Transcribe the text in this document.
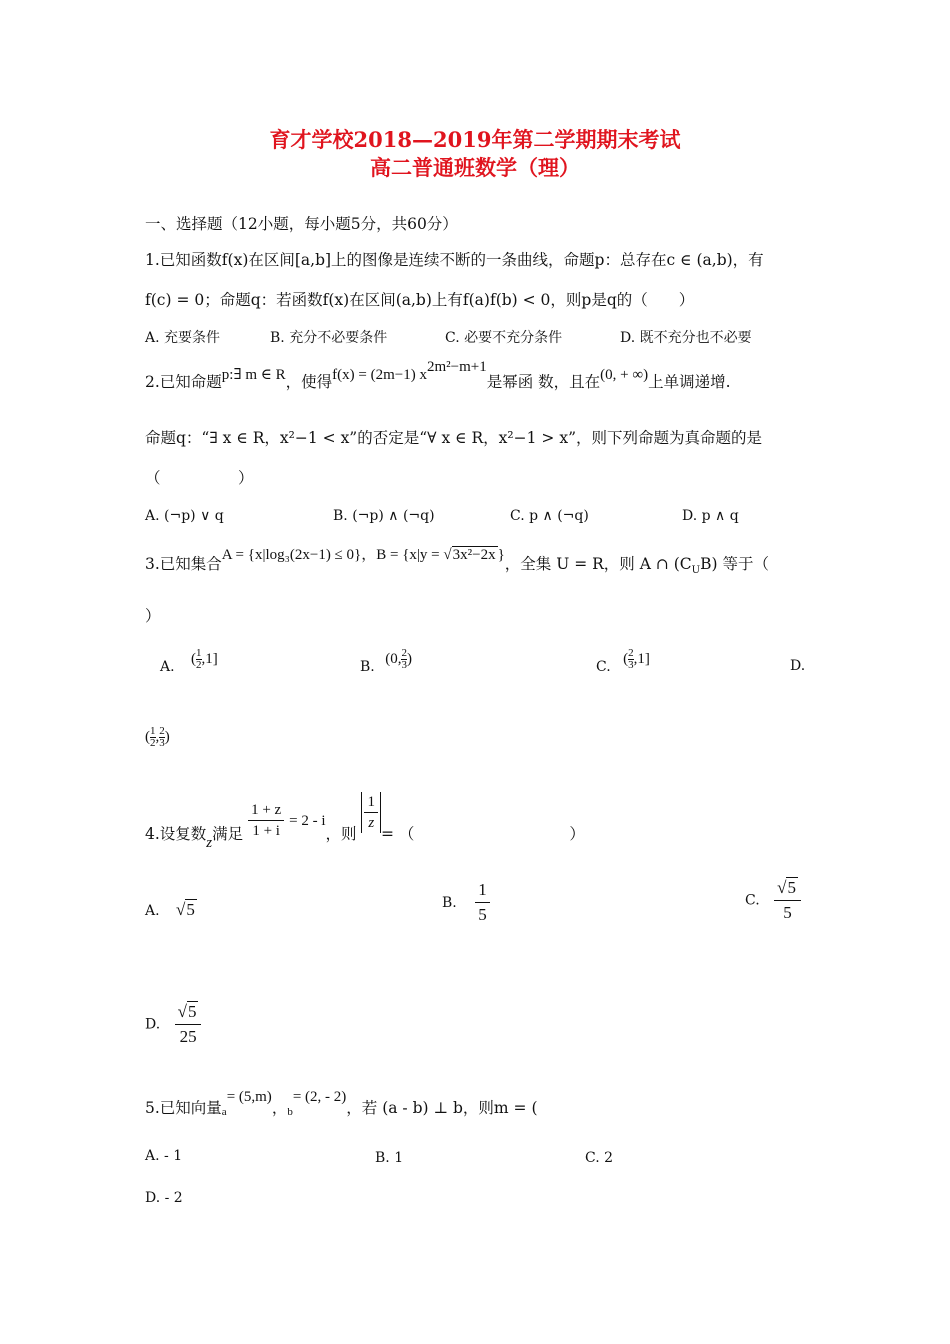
育才学校2018—2019年第二学期期末考试
高二普通班数学（理）
一、选择题（12小题，每小题5分，共60分）
1.已知函数f(x)在区间[a,b]上的图像是连续不断的一条曲线，命题p：总存在c ∈ (a,b)，有
f(c) = 0；命题q：若函数f(x)在区间(a,b)上有f(a)f(b) < 0，则p是q的（　　）
A. 充要条件	B. 充分不必要条件	C. 必要不充分条件	D. 既不充分也不必要
2.已知命题p:∃ m ∈ R，使得f(x) = (2m−1) $x^{2m^2-m+1}$是幂函 数，且在(0, + ∞)上单调递增.
命题q：“∃ x ∈ R，x²−1 < x”的否定是“∀ x ∈ R，x²−1 > x”，则下列命题为真命题的是
（　　　　　）
A. (¬p) ∨ q	B. (¬p) ∧ (¬q)	C. p ∧ (¬q)	D. p ∧ q
3.已知集合A = {x|log₃(2x−1) ≤ 0}，B = {x|y = √3x²−2x }，全集 U = R，则 A ∩ $(C_UB)$ 等于（
）
A. ( $\frac{1}{2} ,1$]	B. (0, $\frac{2}{3}$ )	C. ( $\frac{2}{3} ,1$]	D.
( $\frac{1}{2}$ , $\frac{2}{3}$ )
4.设复数z满足 $\frac{1 + z}{1 + i} = 2 - i$，则
$\frac{1}{z}$
= （　　　　　　　　　　）
A. √5	B. $\frac{1}{5}$	C. $\frac{√5}{5}$
D. $\frac{√5}{25}$
5.已知向量a= (5,m)，b= (2, - 2)，若 (a - b) ⊥ b，则m = (
A. - 1	B. 1	C. 2
D. - 2
